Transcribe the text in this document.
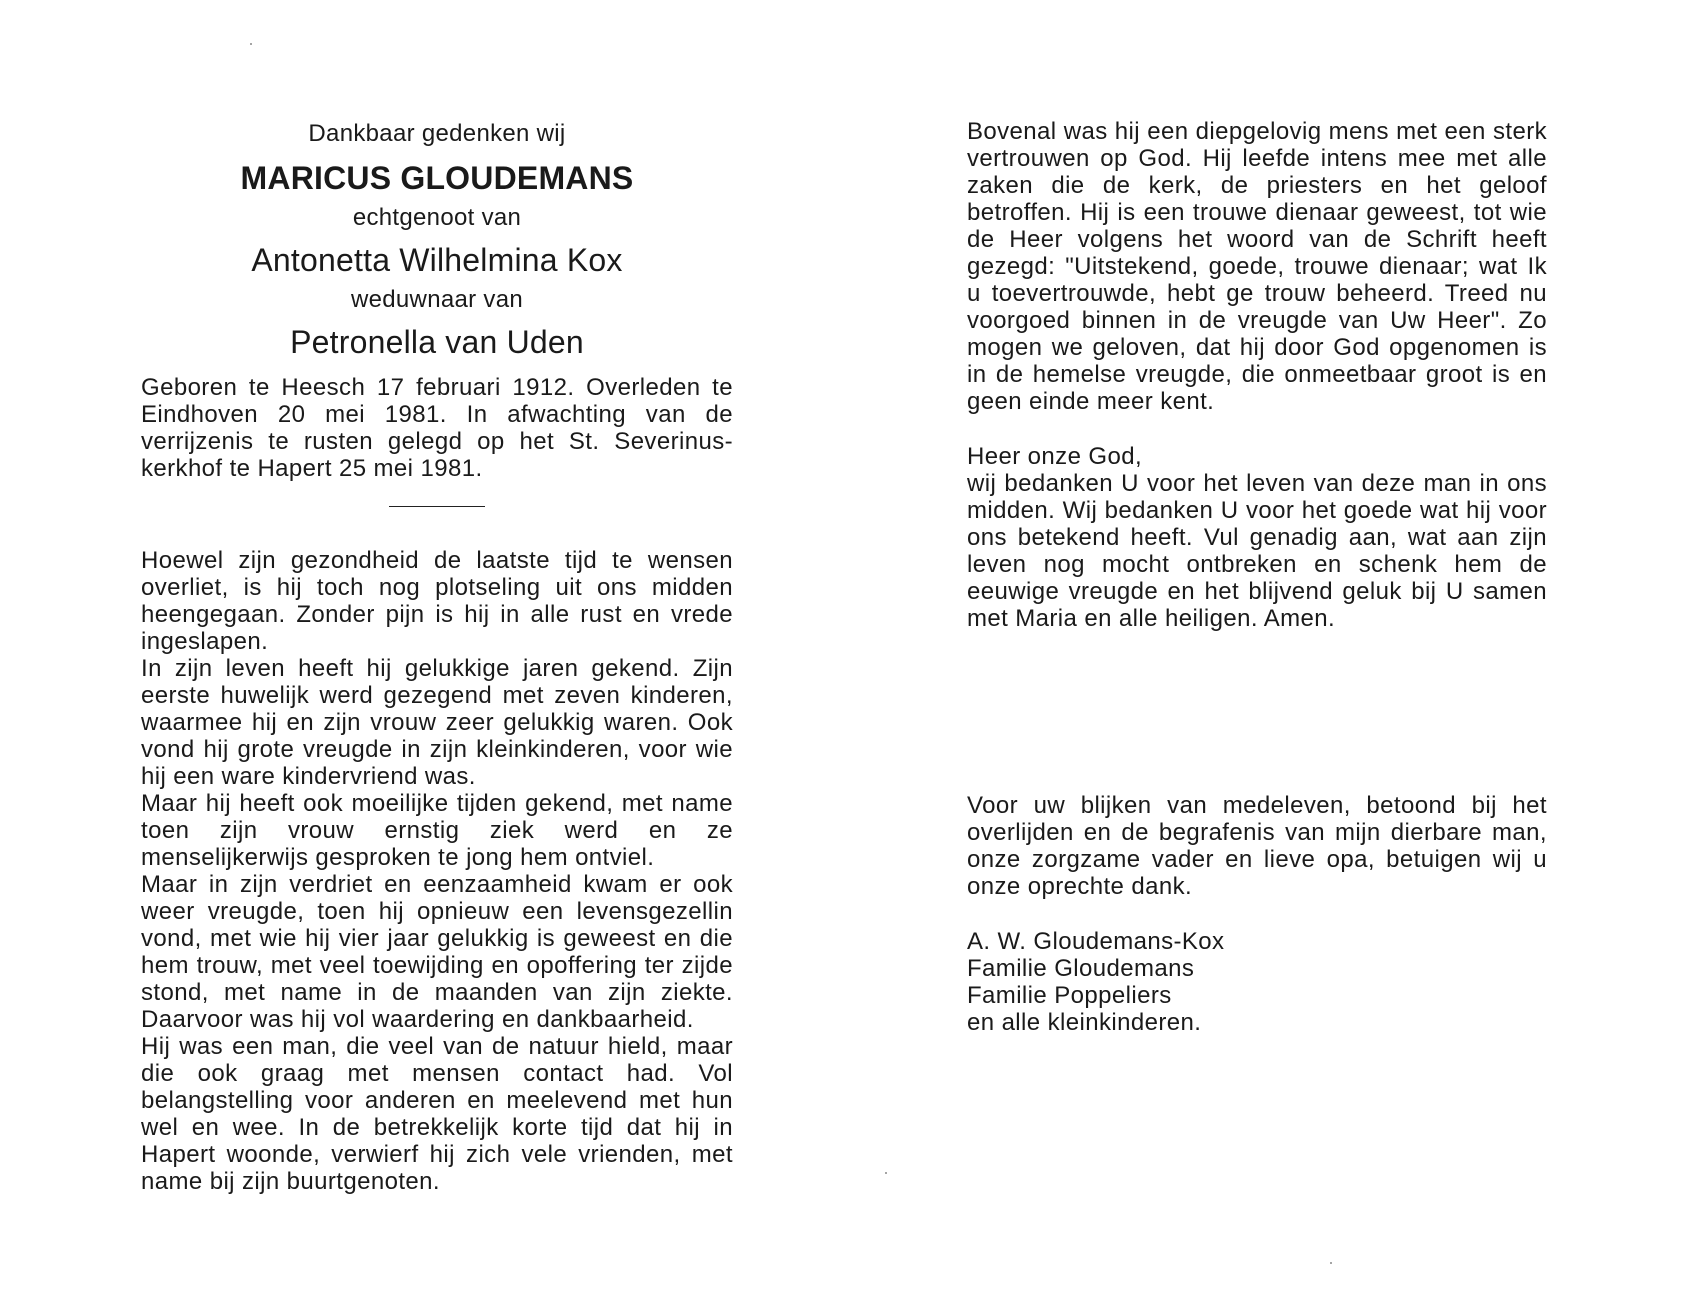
Dankbaar gedenken wij

MARICUS GLOUDEMANS

echtgenoot van

Antonetta Wilhelmina Kox

weduwnaar van

Petronella van Uden

Geboren te Heesch 17 februari 1912. Overleden te Eindhoven 20 mei 1981. In afwachting van de verrijzenis te rusten gelegd op het St. Severinus-kerkhof te Hapert 25 mei 1981.

Hoewel zijn gezondheid de laatste tijd te wensen overliet, is hij toch nog plotseling uit ons midden heengegaan. Zonder pijn is hij in alle rust en vrede ingeslapen.

In zijn leven heeft hij gelukkige jaren gekend. Zijn eerste huwelijk werd gezegend met zeven kinderen, waarmee hij en zijn vrouw zeer gelukkig waren. Ook vond hij grote vreugde in zijn kleinkinderen, voor wie hij een ware kindervriend was.

Maar hij heeft ook moeilijke tijden gekend, met name toen zijn vrouw ernstig ziek werd en ze menselijkerwijs gesproken te jong hem ontviel.

Maar in zijn verdriet en eenzaamheid kwam er ook weer vreugde, toen hij opnieuw een levensgezellin vond, met wie hij vier jaar gelukkig is geweest en die hem trouw, met veel toewijding en opoffering ter zijde stond, met name in de maanden van zijn ziekte. Daarvoor was hij vol waardering en dankbaarheid.

Hij was een man, die veel van de natuur hield, maar die ook graag met mensen contact had. Vol belangstelling voor anderen en meelevend met hun wel en wee. In de betrekkelijk korte tijd dat hij in Hapert woonde, verwierf hij zich vele vrienden, met name bij zijn buurtgenoten.

Bovenal was hij een diepgelovig mens met een sterk vertrouwen op God. Hij leefde intens mee met alle zaken die de kerk, de priesters en het geloof betroffen. Hij is een trouwe dienaar geweest, tot wie de Heer volgens het woord van de Schrift heeft gezegd: "Uitstekend, goede, trouwe dienaar; wat Ik u toevertrouwde, hebt ge trouw beheerd. Treed nu voorgoed binnen in de vreugde van Uw Heer". Zo mogen we geloven, dat hij door God opgenomen is in de hemelse vreugde, die onmeetbaar groot is en geen einde meer kent.

Heer onze God,

wij bedanken U voor het leven van deze man in ons midden. Wij bedanken U voor het goede wat hij voor ons betekend heeft. Vul genadig aan, wat aan zijn leven nog mocht ontbreken en schenk hem de eeuwige vreugde en het blijvend geluk bij U samen met Maria en alle heiligen. Amen.

Voor uw blijken van medeleven, betoond bij het overlijden en de begrafenis van mijn dierbare man, onze zorgzame vader en lieve opa, betuigen wij u onze oprechte dank.

A. W. Gloudemans-Kox
Familie Gloudemans
Familie Poppeliers
en alle kleinkinderen.
